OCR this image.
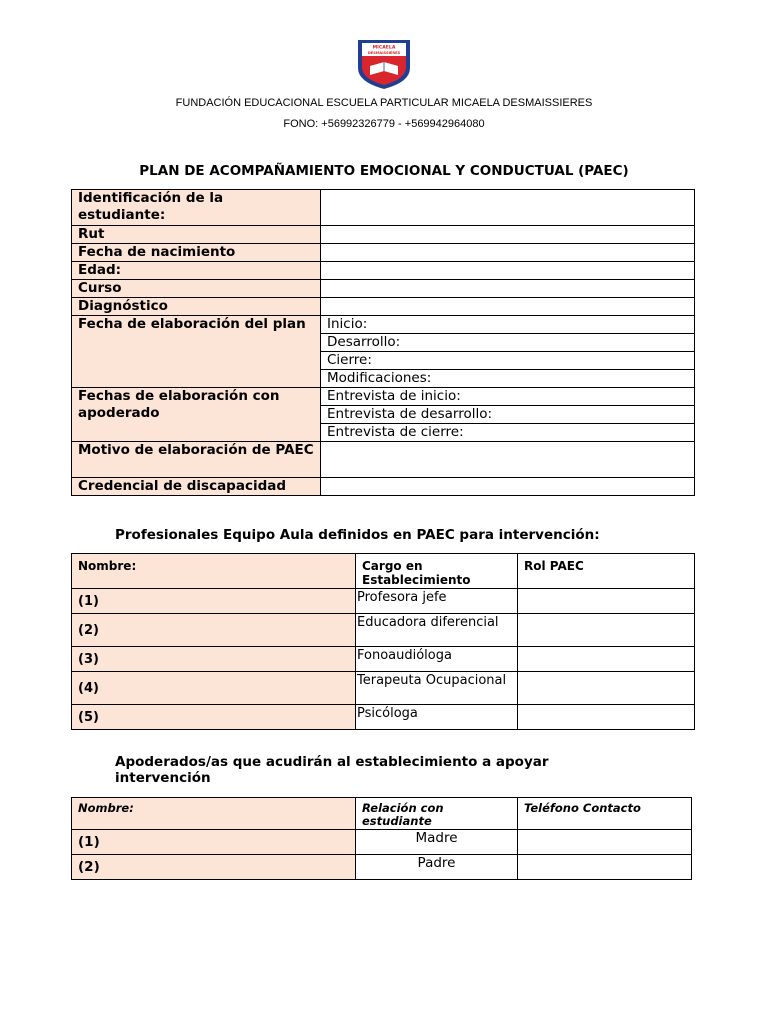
MICAELA
DESMAISSIERES
FUNDACIÓN EDUCACIONAL ESCUELA PARTICULAR MICAELA DESMAISSIERES
FONO: +56992326779 - +569942964080
PLAN DE ACOMPAÑAMIENTO EMOCIONAL Y CONDUCTUAL (PAEC)
Identificación de la estudiante:	
Rut	
Fecha de nacimiento	
Edad:	
Curso	
Diagnóstico	
Fecha de elaboración del plan	Inicio:
	Desarrollo:
	Cierre:
	Modificaciones:
Fechas de elaboración con apoderado	Entrevista de inicio:
	Entrevista de desarrollo:
	Entrevista de cierre:
Motivo de elaboración de PAEC	
Credencial de discapacidad	
Profesionales Equipo Aula definidos en PAEC para intervención:
Nombre:	Cargo en Establecimiento	Rol PAEC
(1)	Profesora jefe	
(2)	Educadora diferencial	
(3)	Fonoaudióloga	
(4)	Terapeuta Ocupacional	
(5)	Psicóloga	
Apoderados/as que acudirán al establecimiento a apoyar intervención
Nombre:	Relación con estudiante	Teléfono Contacto
(1)	Madre	
(2)	Padre	
